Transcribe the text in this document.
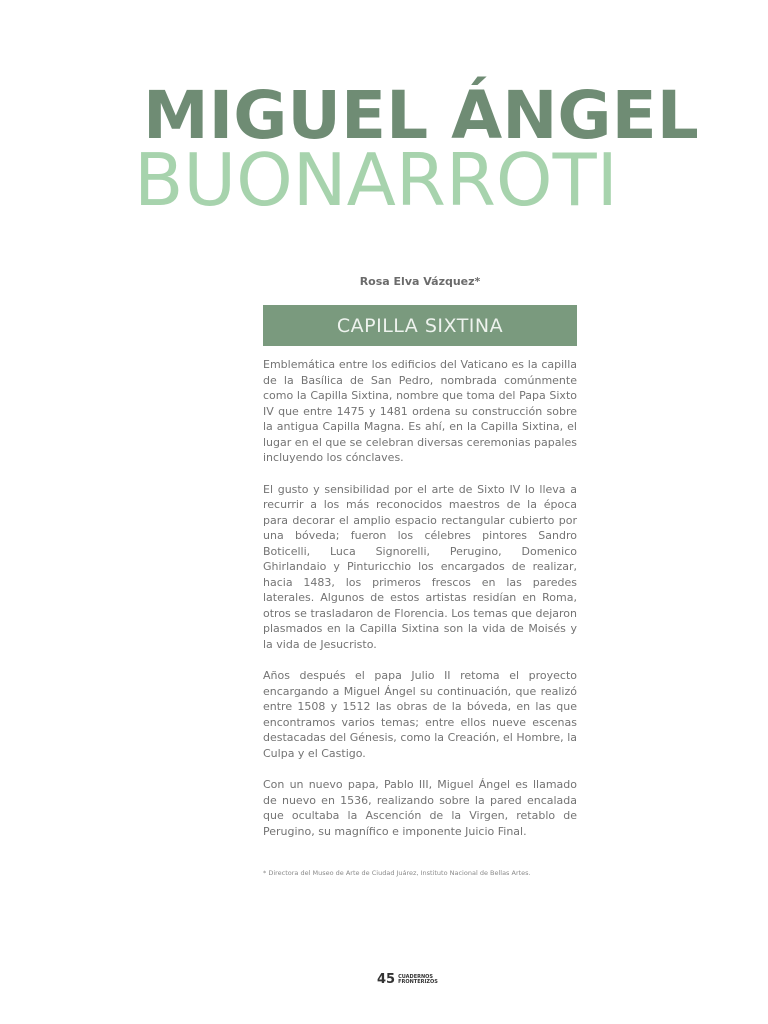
MIGUEL ÁNGEL
BUONARROTI
Rosa Elva Vázquez*
CAPILLA SIXTINA

Emblemática entre los edificios del Vaticano es la capilla de la Basílica de San Pedro, nombrada comúnmente como la Capilla Sixtina, nombre que toma del Papa Sixto IV que entre 1475 y 1481 ordena su construcción sobre la antigua Capilla Magna. Es ahí, en la Capilla Sixtina, el lugar en el que se celebran diversas ceremonias papales incluyendo los cónclaves.

El gusto y sensibilidad por el arte de Sixto IV lo lleva a recurrir a los más reconocidos maestros de la época para decorar el amplio espacio rectangular cubierto por una bóveda; fueron los célebres pintores Sandro Boticelli, Luca Signorelli, Perugino, Domenico Ghirlandaio y Pinturicchio los encargados de realizar, hacia 1483, los primeros frescos en las paredes laterales. Algunos de estos artistas residían en Roma, otros se trasladaron de Florencia. Los temas que dejaron plasmados en la Capilla Sixtina son la vida de Moisés y la vida de Jesucristo.

Años después el papa Julio II retoma el proyecto encargando a Miguel Ángel su continuación, que realizó entre 1508 y 1512 las obras de la bóveda, en las que encontramos varios temas; entre ellos nueve escenas destacadas del Génesis, como la Creación, el Hombre, la Culpa y el Castigo.

Con un nuevo papa, Pablo III, Miguel Ángel es llamado de nuevo en 1536, realizando sobre la pared encalada que ocultaba la Ascención de la Virgen, retablo de Perugino, su magnífico e imponente Juicio Final.

* Directora del Museo de Arte de Ciudad Juárez, Instituto Nacional de Bellas Artes.
45 CUADERNOS
FRONTERIZOS
